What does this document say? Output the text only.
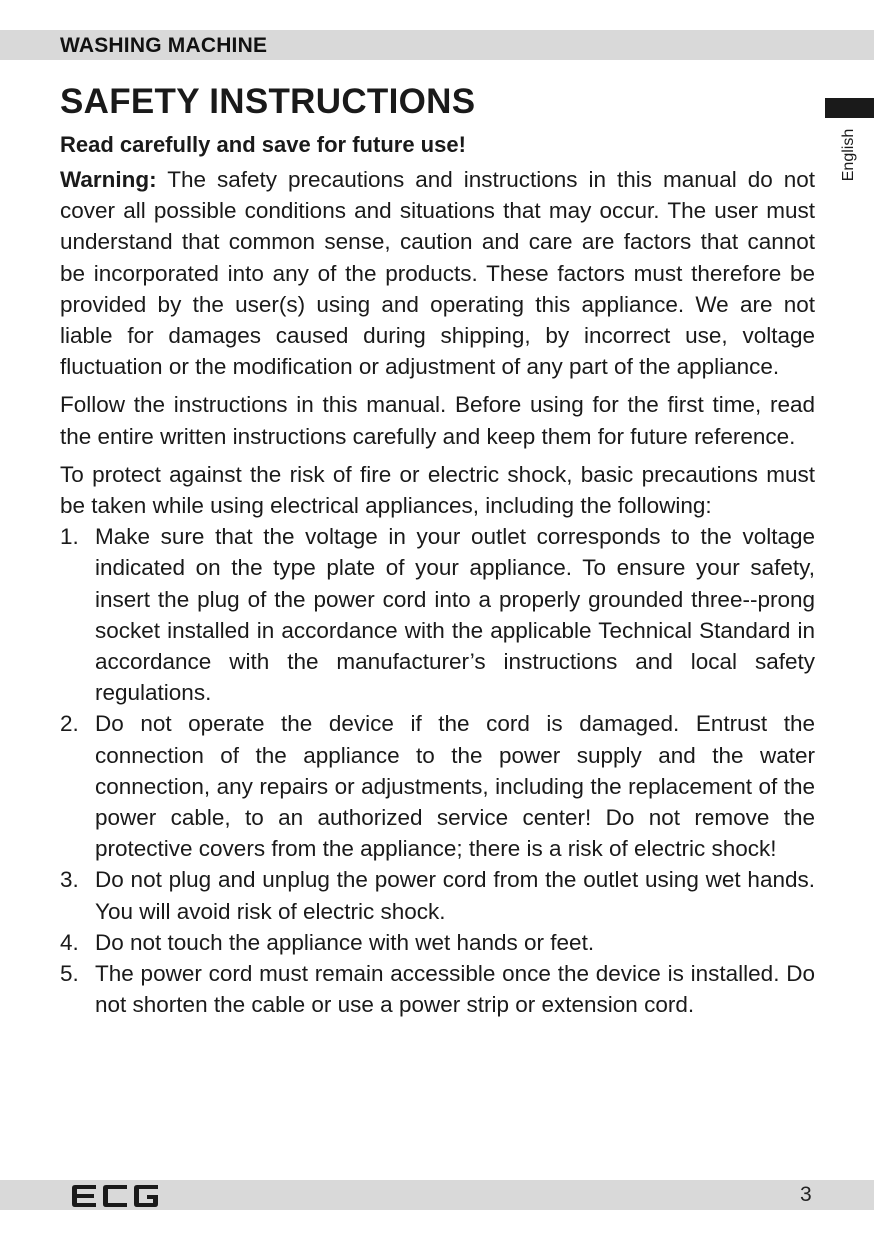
WASHING MACHINE
English
SAFETY INSTRUCTIONS
Read carefully and save for future use!

Warning: The safety precautions and instructions in this manual do not cover all possible conditions and situations that may occur. The user must understand that common sense, caution and care are factors that cannot be incorporated into any of the products. These factors must therefore be provided by the user(s) using and operating this appliance. We are not liable for damages caused during shipping, by incorrect use, voltage fluctuation or the modification or adjustment of any part of the appliance.

Follow the instructions in this manual. Before using for the first time, read the entire written instructions carefully and keep them for future reference.

To protect against the risk of fire or electric shock, basic precautions must be taken while using electrical appliances, including the following:

1. Make sure that the voltage in your outlet corresponds to the voltage indicated on the type plate of your appliance. To ensure your safety, insert the plug of the power cord into a properly grounded three--prong socket installed in accordance with the applicable Technical Standard in accordance with the manufacturer’s instructions and local safety regulations.
2. Do not operate the device if the cord is damaged. Entrust the connection of the appliance to the power supply and the water connection, any repairs or adjustments, including the replacement of the power cable, to an authorized service center! Do not remove the protective covers from the appliance; there is a risk of electric shock!
3. Do not plug and unplug the power cord from the outlet using wet hands. You will avoid risk of electric shock.
4. Do not touch the appliance with wet hands or feet.
5. The power cord must remain accessible once the device is installed. Do not shorten the cable or use a power strip or extension cord.
3
